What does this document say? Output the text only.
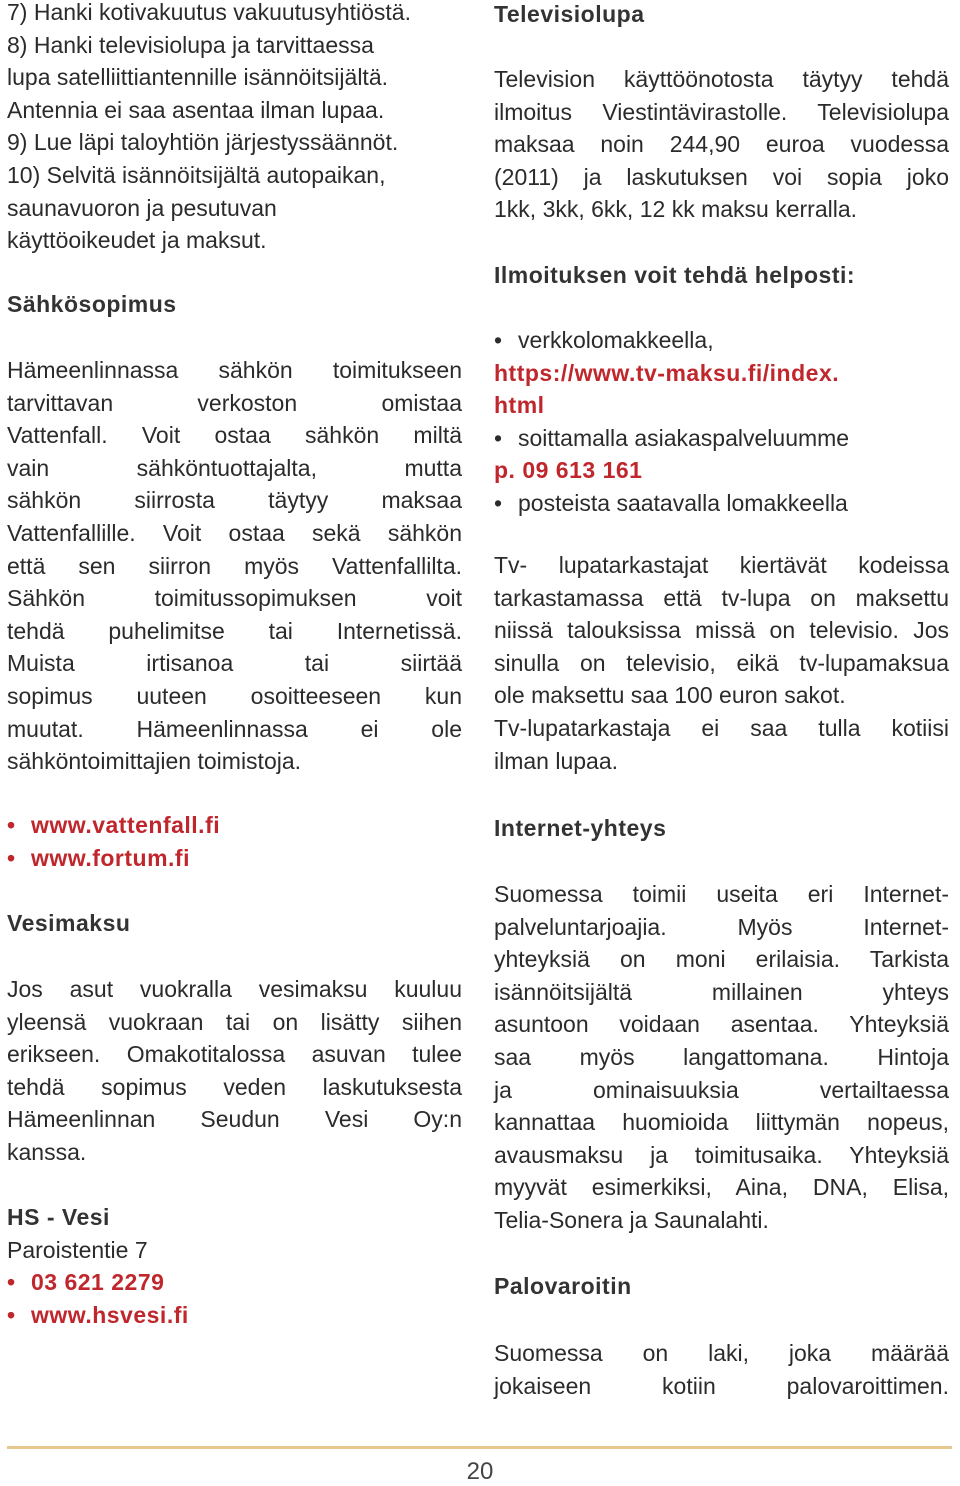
7) Hanki kotivakuutus vakuutusyhtiöstä.
8) Hanki televisiolupa ja tarvittaessa
lupa satelliittiantennille isännöitsijältä.
Antennia ei saa asentaa ilman lupaa.
9) Lue läpi taloyhtiön järjestyssäännöt.
10) Selvitä isännöitsijältä autopaikan,
saunavuoron ja pesutuvan
käyttöoikeudet ja maksut.
Sähkösopimus
Hämeenlinnassa sähkön toimitukseen
tarvittavan verkoston omistaa
Vattenfall. Voit ostaa sähkön miltä
vain sähköntuottajalta, mutta
sähkön siirrosta täytyy maksaa
Vattenfallille. Voit ostaa sekä sähkön
että sen siirron myös Vattenfallilta.
Sähkön toimitussopimuksen voit
tehdä puhelimitse tai Internetissä.
Muista irtisanoa tai siirtää
sopimus uuteen osoitteeseen kun
muutat. Hämeenlinnassa ei ole
sähköntoimittajien toimistoja.
• www.vattenfall.fi
• www.fortum.fi
Vesimaksu
Jos asut vuokralla vesimaksu kuuluu
yleensä vuokraan tai on lisätty siihen
erikseen. Omakotitalossa asuvan tulee
tehdä sopimus veden laskutuksesta
Hämeenlinnan Seudun Vesi Oy:n
kanssa.
HS - Vesi
Paroistentie 7
• 03 621 2279
• www.hsvesi.fi
Televisiolupa
Television käyttöönotosta täytyy tehdä
ilmoitus Viestintävirastolle. Televisiolupa
maksaa noin 244,90 euroa vuodessa
(2011) ja laskutuksen voi sopia joko
1kk, 3kk, 6kk, 12 kk maksu kerralla.
Ilmoituksen voit tehdä helposti:
• verkkolomakkeella,
https://www.tv-maksu.fi/index.
html
• soittamalla asiakaspalveluumme
p. 09 613 161
• posteista saatavalla lomakkeella
Tv- lupatarkastajat kiertävät kodeissa
tarkastamassa että tv-lupa on maksettu
niissä talouksissa missä on televisio. Jos
sinulla on televisio, eikä tv-lupamaksua
ole maksettu saa 100 euron sakot.
Tv-lupatarkastaja ei saa tulla kotiisi
ilman lupaa.
Internet-yhteys
Suomessa toimii useita eri Internet-
palveluntarjoajia. Myös Internet-
yhteyksiä on moni erilaisia. Tarkista
isännöitsijältä millainen yhteys
asuntoon voidaan asentaa. Yhteyksiä
saa myös langattomana. Hintoja
ja ominaisuuksia vertailtaessa
kannattaa huomioida liittymän nopeus,
avausmaksu ja toimitusaika. Yhteyksiä
myyvät esimerkiksi, Aina, DNA, Elisa,
Telia-Sonera ja Saunalahti.
Palovaroitin
Suomessa on laki, joka määrää
jokaiseen kotiin palovaroittimen.
20
